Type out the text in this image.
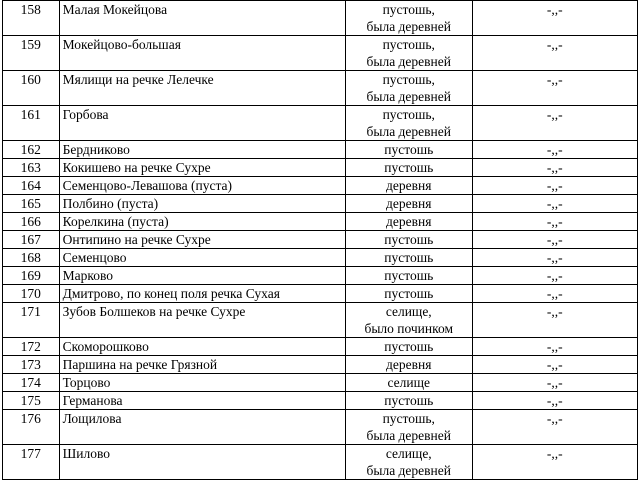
158	Малая Мокейцова	пустошь,
была деревней	-,,-
159	Мокейцово-большая	пустошь,
была деревней	-,,-
160	Мялищи на речке Лелечке	пустошь,
была деревней	-,,-
161	Горбова	пустошь,
была деревней	-,,-
162	Бердниково	пустошь	-,,-
163	Кокишево на речке Сухре	пустошь	-,,-
164	Семенцово-Левашова (пуста)	деревня	-,,-
165	Полбино (пуста)	деревня	-,,-
166	Корелкина (пуста)	деревня	-,,-
167	Онтипино на речке Сухре	пустошь	-,,-
168	Семенцово	пустошь	-,,-
169	Марково	пустошь	-,,-
170	Дмитрово, по конец поля речка Сухая	пустошь	-,,-
171	Зубов Болшеков на речке Сухре	селище,
было починком	-,,-
172	Скоморошково	пустошь	-,,-
173	Паршина на речке Грязной	деревня	-,,-
174	Торцово	селище	-,,-
175	Германова	пустошь	-,,-
176	Лощилова	пустошь,
была деревней	-,,-
177	Шилово	селище,
была деревней	-,,-
